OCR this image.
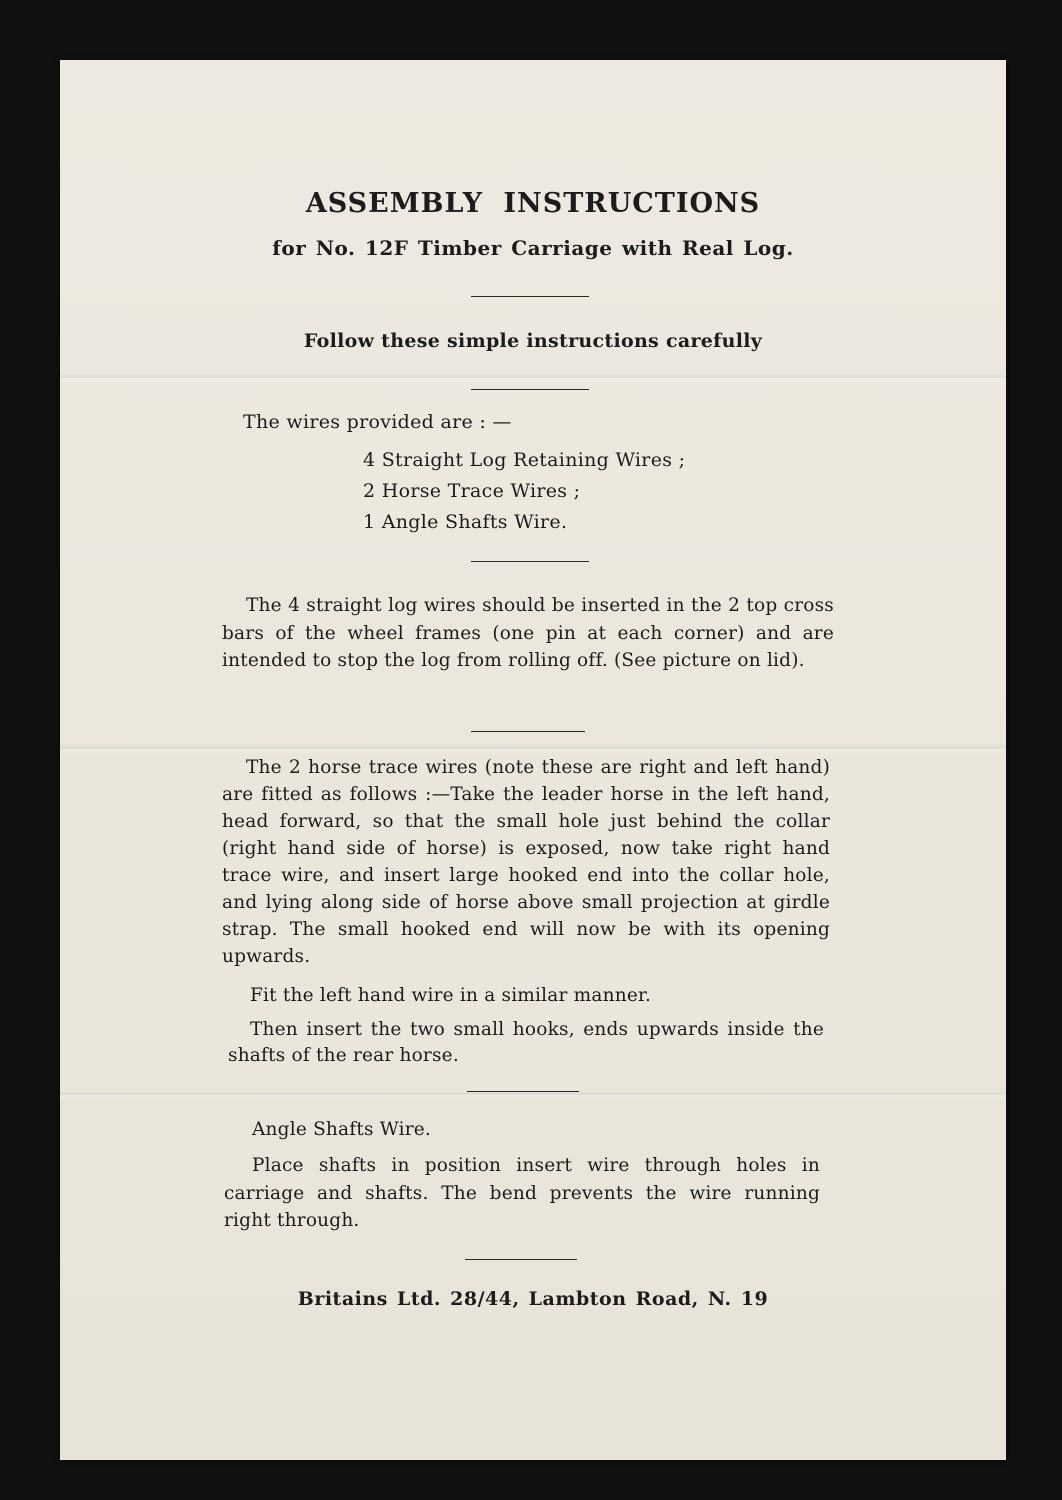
ASSEMBLY INSTRUCTIONS
for No. 12F Timber Carriage with Real Log.
Follow these simple instructions carefully
The wires provided are : —
4 Straight Log Retaining Wires ;
2 Horse Trace Wires ;
1 Angle Shafts Wire.

The 4 straight log wires should be inserted in the 2 top cross bars of the wheel frames (one pin at each corner) and are intended to stop the log from rolling off. (See picture on lid).

The 2 horse trace wires (note these are right and left hand) are fitted as follows :—Take the leader horse in the left hand, head forward, so that the small hole just behind the collar (right hand side of horse) is exposed, now take right hand trace wire, and insert large hooked end into the collar hole, and lying along side of horse above small projection at girdle strap. The small hooked end will now be with its opening upwards.

Fit the left hand wire in a similar manner.

Then insert the two small hooks, ends upwards inside the shafts of the rear horse.

Angle Shafts Wire.

Place shafts in position insert wire through holes in carriage and shafts. The bend prevents the wire running right through.

Britains Ltd. 28/44, Lambton Road, N. 19
